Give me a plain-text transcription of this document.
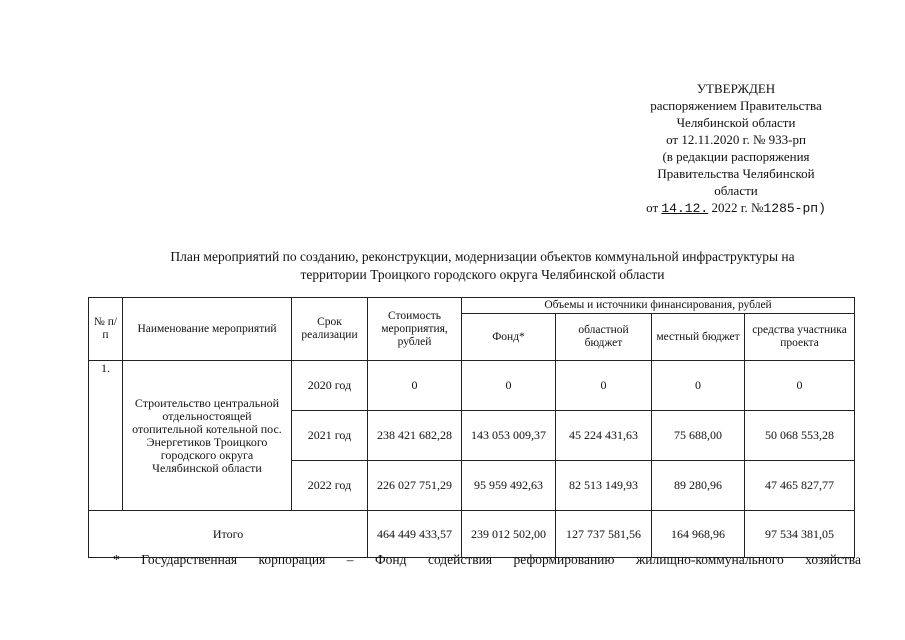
УТВЕРЖДЕН
распоряжением Правительства
Челябинской области
от 12.11.2020 г. № 933-рп
(в редакции распоряжения
Правительства Челябинской
области
от 14.12. 2022 г. №1285-рп)
План мероприятий по созданию, реконструкции, модернизации объектов коммунальной инфраструктуры на
территории Троицкого городского округа Челябинской области
№ п/п	Наименование мероприятий	Срок реализации	Стоимость мероприятия, рублей	Объемы и источники финансирования, рублей			
				Фонд*	областной бюджет	местный бюджет	средства участника проекта
1.	Строительство центральной отдельностоящей отопительной котельной пос. Энергетиков Троицкого городского округа Челябинской области	2020 год	0	0	0	0	0
		2021 год	238 421 682,28	143 053 009,37	45 224 431,63	75 688,00	50 068 553,28
		2022 год	226 027 751,29	95 959 492,63	82 513 149,93	89 280,96	47 465 827,77
Итого			464 449 433,57	239 012 502,00	127 737 581,56	164 968,96	97 534 381,05
* Государственная корпорация – Фонд содействия реформированию жилищно-коммунального хозяйства
